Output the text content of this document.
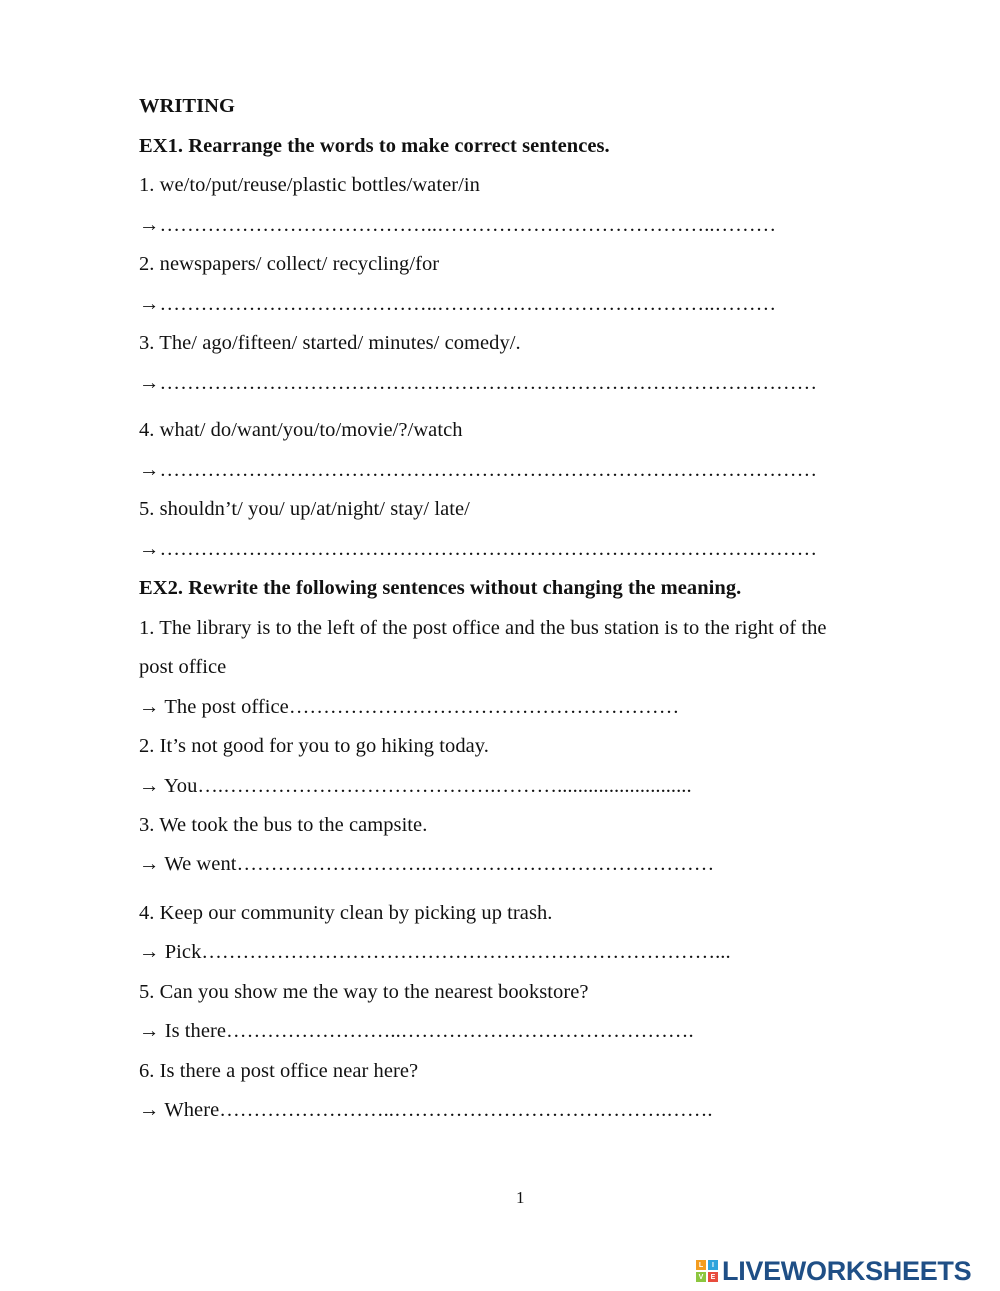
WRITING
EX1. Rearrange the words to make correct sentences.
1. we/to/put/reuse/plastic bottles/water/in
→…………………………………..…………………………………..………
2. newspapers/ collect/ recycling/for
→…………………………………..…………………………………..………
3. The/ ago/fifteen/ started/ minutes/ comedy/.
→……………………………………………………………………………………
4. what/ do/want/you/to/movie/?/watch
→……………………………………………………………………………………
5. shouldn’t/ you/ up/at/night/ stay/ late/
→……………………………………………………………………………………
EX2. Rewrite the following sentences without changing the meaning.
1. The library is to the left of the post office and the bus station is to the right of the
post office
→ The post office…………………………………………………
2. It’s not good for you to go hiking today.
→ You….………………………………….………..........................
3. We took the bus to the campsite.
→ We went……………………….……………………………………
4. Keep our community clean by picking up trash.
→ Pick…………………………………………………………………...
5. Can you show me the way to the nearest bookstore?
→ Is there……………………..…………………………………….
6. Is there a post office near here?
→ Where……………………..………………………………….…….
1
L	I
V	E LIVEWORKSHEETS
